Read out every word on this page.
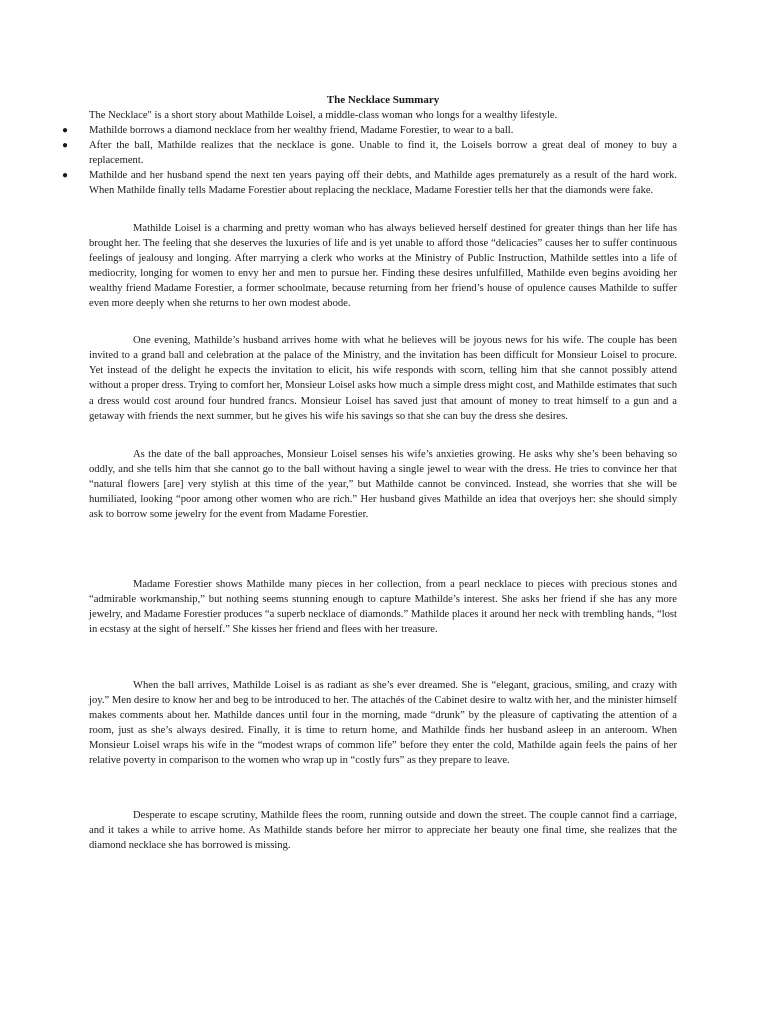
The Necklace Summary

The Necklace" is a short story about Mathilde Loisel, a middle-class woman who longs for a wealthy lifestyle.

● Mathilde borrows a diamond necklace from her wealthy friend, Madame Forestier, to wear to a ball.
● After the ball, Mathilde realizes that the necklace is gone. Unable to find it, the Loisels borrow a great deal of money to buy a replacement.
● Mathilde and her husband spend the next ten years paying off their debts, and Mathilde ages prematurely as a result of the hard work. When Mathilde finally tells Madame Forestier about replacing the necklace, Madame Forestier tells her that the diamonds were fake.

Mathilde Loisel is a charming and pretty woman who has always believed herself destined for greater things than her life has brought her. The feeling that she deserves the luxuries of life and is yet unable to afford those “delicacies” causes her to suffer continuous feelings of jealousy and longing. After marrying a clerk who works at the Ministry of Public Instruction, Mathilde settles into a life of mediocrity, longing for women to envy her and men to pursue her. Finding these desires unfulfilled, Mathilde even begins avoiding her wealthy friend Madame Forestier, a former schoolmate, because returning from her friend’s house of opulence causes Mathilde to suffer even more deeply when she returns to her own modest abode.

One evening, Mathilde’s husband arrives home with what he believes will be joyous news for his wife. The couple has been invited to a grand ball and celebration at the palace of the Ministry, and the invitation has been difficult for Monsieur Loisel to procure. Yet instead of the delight he expects the invitation to elicit, his wife responds with scorn, telling him that she cannot possibly attend without a proper dress. Trying to comfort her, Monsieur Loisel asks how much a simple dress might cost, and Mathilde estimates that such a dress would cost around four hundred francs. Monsieur Loisel has saved just that amount of money to treat himself to a gun and a getaway with friends the next summer, but he gives his wife his savings so that she can buy the dress she desires.

As the date of the ball approaches, Monsieur Loisel senses his wife’s anxieties growing. He asks why she’s been behaving so oddly, and she tells him that she cannot go to the ball without having a single jewel to wear with the dress. He tries to convince her that “natural flowers [are] very stylish at this time of the year,” but Mathilde cannot be convinced. Instead, she worries that she will be humiliated, looking “poor among other women who are rich.” Her husband gives Mathilde an idea that overjoys her: she should simply ask to borrow some jewelry for the event from Madame Forestier.

Madame Forestier shows Mathilde many pieces in her collection, from a pearl necklace to pieces with precious stones and “admirable workmanship,” but nothing seems stunning enough to capture Mathilde’s interest. She asks her friend if she has any more jewelry, and Madame Forestier produces “a superb necklace of diamonds.” Mathilde places it around her neck with trembling hands, “lost in ecstasy at the sight of herself.” She kisses her friend and flees with her treasure.

When the ball arrives, Mathilde Loisel is as radiant as she’s ever dreamed. She is “elegant, gracious, smiling, and crazy with joy.” Men desire to know her and beg to be introduced to her. The attachés of the Cabinet desire to waltz with her, and the minister himself makes comments about her. Mathilde dances until four in the morning, made “drunk” by the pleasure of captivating the attention of a room, just as she’s always desired. Finally, it is time to return home, and Mathilde finds her husband asleep in an anteroom. When Monsieur Loisel wraps his wife in the “modest wraps of common life” before they enter the cold, Mathilde again feels the pains of her relative poverty in comparison to the women who wrap up in “costly furs” as they prepare to leave.

Desperate to escape scrutiny, Mathilde flees the room, running outside and down the street. The couple cannot find a carriage, and it takes a while to arrive home. As Mathilde stands before her mirror to appreciate her beauty one final time, she realizes that the diamond necklace she has borrowed is missing.
